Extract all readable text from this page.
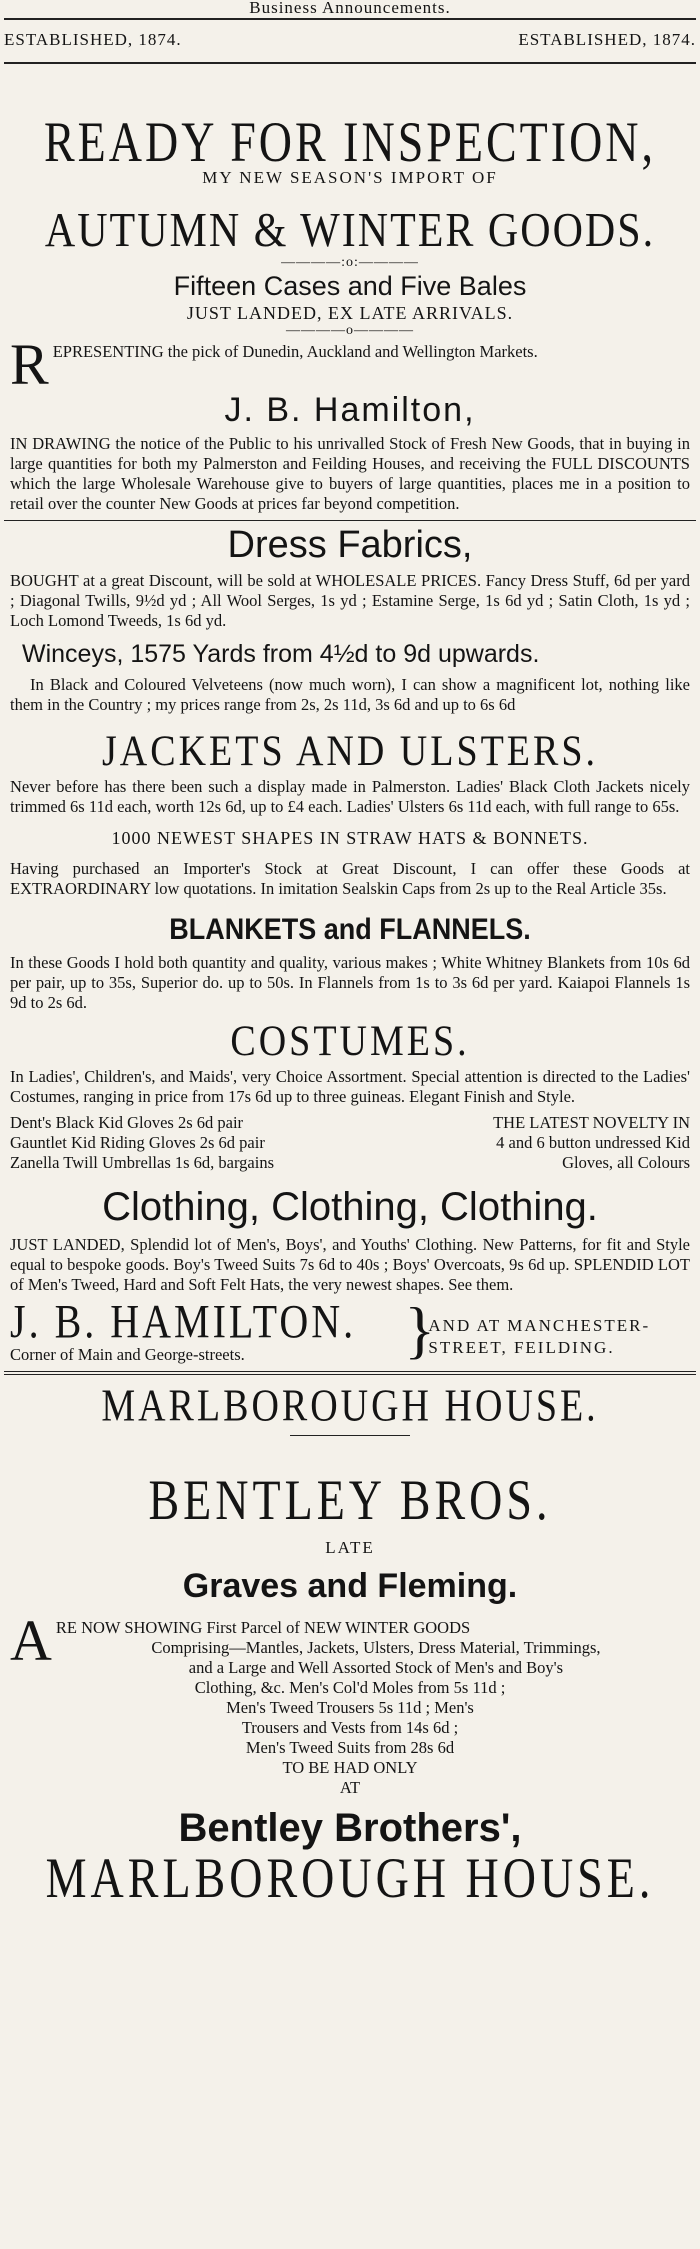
Business Announcements.
ESTABLISHED, 1874.	ESTABLISHED, 1874.
READY FOR INSPECTION,
MY NEW SEASON'S IMPORT OF
AUTUMN & WINTER GOODS.
————:o:————
Fifteen Cases and Five Bales
JUST LANDED, EX LATE ARRIVALS.
————o————

R EPRESENTING the pick of Dunedin, Auckland and Wellington Markets.

J. B. Hamilton,

IN DRAWING the notice of the Public to his unrivalled Stock of Fresh New Goods, that in buying in large quantities for both my Palmerston and Feilding Houses, and receiving the FULL DISCOUNTS which the large Wholesale Warehouse give to buyers of large quantities, places me in a position to retail over the counter New Goods at prices far beyond competition.

Dress Fabrics,

BOUGHT at a great Discount, will be sold at WHOLESALE PRICES. Fancy Dress Stuff, 6d per yard ; Diagonal Twills, 9½d yd ; All Wool Serges, 1s yd ; Estamine Serge, 1s 6d yd ; Satin Cloth, 1s yd ; Loch Lomond Tweeds, 1s 6d yd.

Winceys, 1575 Yards from 4½d to 9d upwards.

In Black and Coloured Velveteens (now much worn), I can show a magnificent lot, nothing like them in the Country ; my prices range from 2s, 2s 11d, 3s 6d and up to 6s 6d

JACKETS AND ULSTERS.

Never before has there been such a display made in Palmerston. Ladies' Black Cloth Jackets nicely trimmed 6s 11d each, worth 12s 6d, up to £4 each. Ladies' Ulsters 6s 11d each, with full range to 65s.

1000 NEWEST SHAPES IN STRAW HATS & BONNETS.

Having purchased an Importer's Stock at Great Discount, I can offer these Goods at EXTRAORDINARY low quotations. In imitation Sealskin Caps from 2s up to the Real Article 35s.

BLANKETS and FLANNELS.

In these Goods I hold both quantity and quality, various makes ; White Whitney Blankets from 10s 6d per pair, up to 35s, Superior do. up to 50s. In Flannels from 1s to 3s 6d per yard. Kaiapoi Flannels 1s 9d to 2s 6d.

COSTUMES.

In Ladies', Children's, and Maids', very Choice Assortment. Special attention is directed to the Ladies' Costumes, ranging in price from 17s 6d up to three guineas. Elegant Finish and Style.

Dent's Black Kid Gloves 2s 6d pair
Gauntlet Kid Riding Gloves 2s 6d pair
Zanella Twill Umbrellas 1s 6d, bargains
THE LATEST NOVELTY IN
4 and 6 button undressed Kid
Gloves, all Colours
Clothing, Clothing, Clothing.

JUST LANDED, Splendid lot of Men's, Boys', and Youths' Clothing. New Patterns, for fit and Style equal to bespoke goods. Boy's Tweed Suits 7s 6d to 40s ; Boys' Overcoats, 9s 6d up. SPLENDID LOT of Men's Tweed, Hard and Soft Felt Hats, the very newest shapes. See them.

J. B. HAMILTON.
Corner of Main and George-streets.	}
AND AT MANCHESTER-
STREET, FEILDING.
MARLBOROUGH HOUSE.
BENTLEY BROS.
LATE
Graves and Fleming.

A RE NOW SHOWING First Parcel of NEW WINTER GOODS

Comprising—Mantles, Jackets, Ulsters, Dress Material, Trimmings,
and a Large and Well Assorted Stock of Men's and Boy's
Clothing, &c. Men's Col'd Moles from 5s 11d ;
Men's Tweed Trousers 5s 11d ; Men's
Trousers and Vests from 14s 6d ;
Men's Tweed Suits from 28s 6d
TO BE HAD ONLY
AT
Bentley Brothers',
MARLBOROUGH HOUSE.
